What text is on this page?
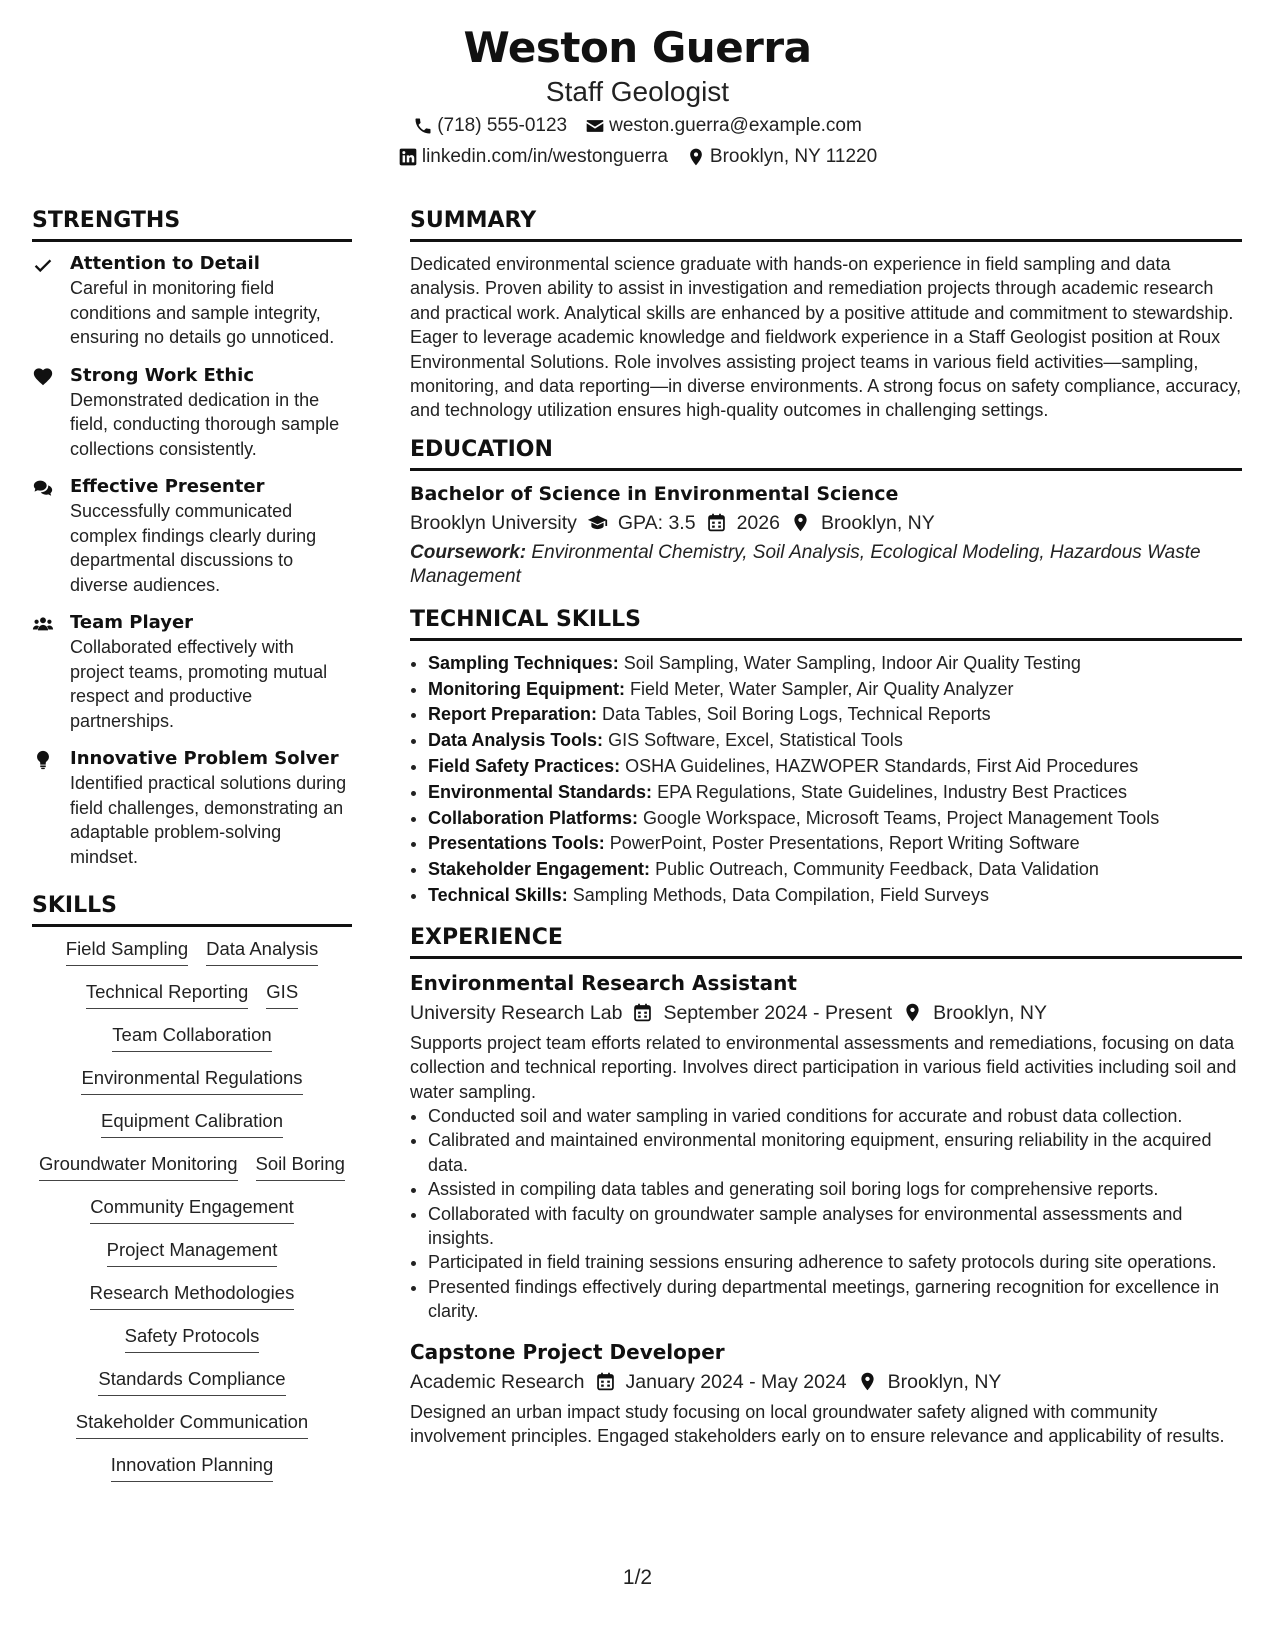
Weston Guerra
Staff Geologist
(718) 555-0123 weston.guerra@example.com
linkedin.com/in/westonguerra Brooklyn, NY 11220
STRENGTHS
Attention to Detail
Careful in monitoring field conditions and sample integrity, ensuring no details go unnoticed.
Strong Work Ethic
Demonstrated dedication in the field, conducting thorough sample collections consistently.
Effective Presenter
Successfully communicated complex findings clearly during departmental discussions to diverse audiences.
Team Player
Collaborated effectively with project teams, promoting mutual respect and productive partnerships.
Innovative Problem Solver
Identified practical solutions during field challenges, demonstrating an adaptable problem-solving mindset.
SKILLS
Field Sampling Data Analysis
Technical Reporting GIS
Team Collaboration
Environmental Regulations
Equipment Calibration
Groundwater Monitoring Soil Boring
Community Engagement
Project Management
Research Methodologies
Safety Protocols
Standards Compliance
Stakeholder Communication
Innovation Planning
SUMMARY

Dedicated environmental science graduate with hands-on experience in field sampling and data analysis. Proven ability to assist in investigation and remediation projects through academic research and practical work. Analytical skills are enhanced by a positive attitude and commitment to stewardship. Eager to leverage academic knowledge and fieldwork experience in a Staff Geologist position at Roux Environmental Solutions. Role involves assisting project teams in various field activities—sampling, monitoring, and data reporting—in diverse environments. A strong focus on safety compliance, accuracy, and technology utilization ensures high-quality outcomes in challenging settings.

EDUCATION
Bachelor of Science in Environmental Science
Brooklyn University GPA: 3.5 2026 Brooklyn, NY
Coursework: Environmental Chemistry, Soil Analysis, Ecological Modeling, Hazardous Waste Management
TECHNICAL SKILLS
• Sampling Techniques: Soil Sampling, Water Sampling, Indoor Air Quality Testing
• Monitoring Equipment: Field Meter, Water Sampler, Air Quality Analyzer
• Report Preparation: Data Tables, Soil Boring Logs, Technical Reports
• Data Analysis Tools: GIS Software, Excel, Statistical Tools
• Field Safety Practices: OSHA Guidelines, HAZWOPER Standards, First Aid Procedures
• Environmental Standards: EPA Regulations, State Guidelines, Industry Best Practices
• Collaboration Platforms: Google Workspace, Microsoft Teams, Project Management Tools
• Presentations Tools: PowerPoint, Poster Presentations, Report Writing Software
• Stakeholder Engagement: Public Outreach, Community Feedback, Data Validation
• Technical Skills: Sampling Methods, Data Compilation, Field Surveys
EXPERIENCE
Environmental Research Assistant
University Research Lab September 2024 - Present Brooklyn, NY
Supports project team efforts related to environmental assessments and remediations, focusing on data collection and technical reporting. Involves direct participation in various field activities including soil and water sampling.
• Conducted soil and water sampling in varied conditions for accurate and robust data collection.
• Calibrated and maintained environmental monitoring equipment, ensuring reliability in the acquired data.
• Assisted in compiling data tables and generating soil boring logs for comprehensive reports.
• Collaborated with faculty on groundwater sample analyses for environmental assessments and insights.
• Participated in field training sessions ensuring adherence to safety protocols during site operations.
• Presented findings effectively during departmental meetings, garnering recognition for excellence in clarity.
Capstone Project Developer
Academic Research January 2024 - May 2024 Brooklyn, NY
Designed an urban impact study focusing on local groundwater safety aligned with community involvement principles. Engaged stakeholders early on to ensure relevance and applicability of results.
1/2
